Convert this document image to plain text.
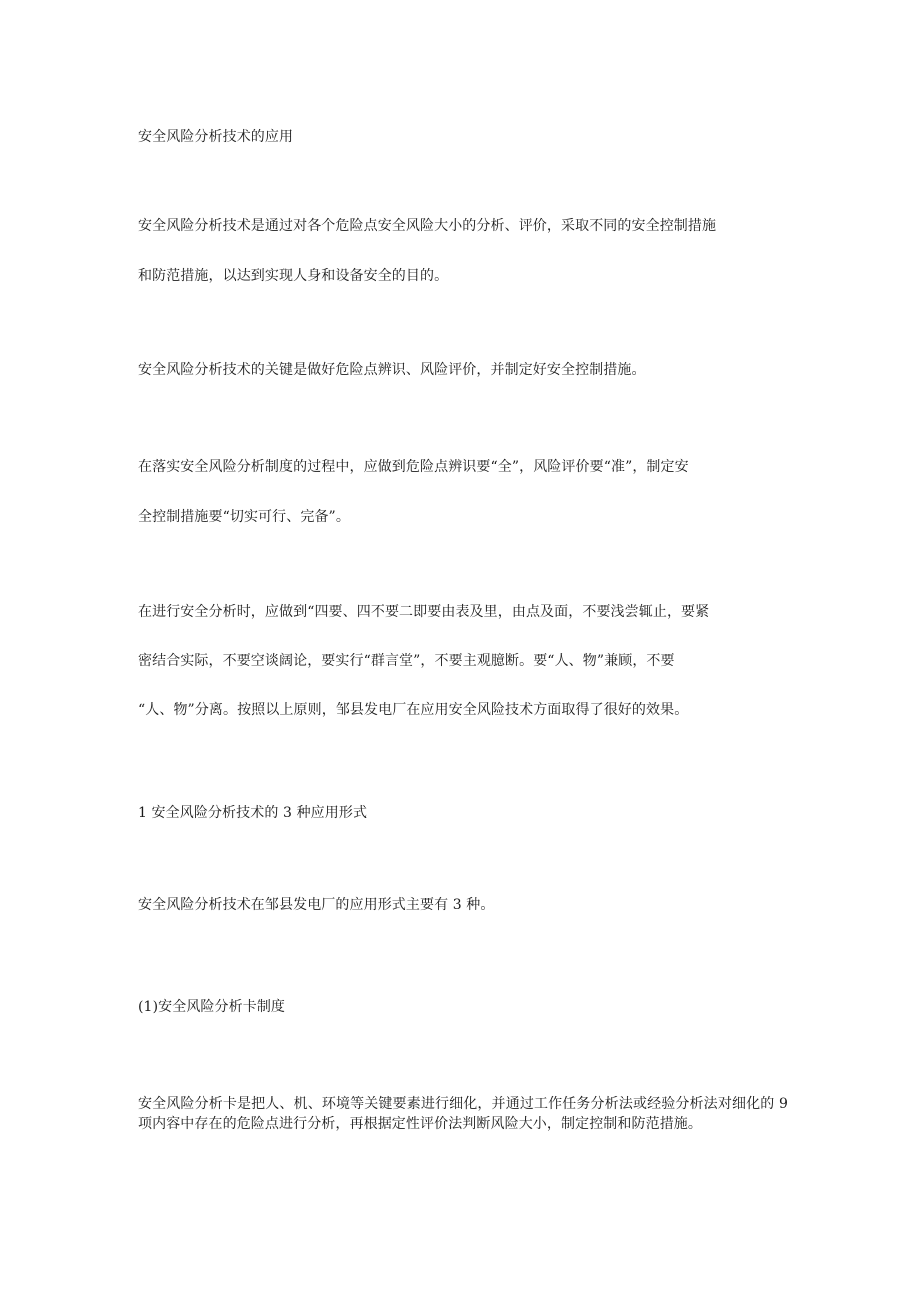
安全风险分析技术的应用

安全风险分析技术是通过对各个危险点安全风险大小的分析、评价，采取不同的安全控制措施

和防范措施，以达到实现人身和设备安全的目的。

安全风险分析技术的关键是做好危险点辨识、风险评价，并制定好安全控制措施。

在落实安全风险分析制度的过程中，应做到危险点辨识要“全”，风险评价要“准”，制定安

全控制措施要“切实可行、完备”。

在进行安全分析时，应做到“四要、四不要二即要由表及里，由点及面，不要浅尝辄止，要紧

密结合实际，不要空谈阔论，要实行“群言堂”，不要主观臆断。要“人、物”兼顾，不要

“人、物”分离。按照以上原则，邹县发电厂在应用安全风险技术方面取得了很好的效果。

1 安全风险分析技术的 3 种应用形式

安全风险分析技术在邹县发电厂的应用形式主要有 3 种。

(1)安全风险分析卡制度

安全风险分析卡是把人、机、环境等关键要素进行细化，并通过工作任务分析法或经验分析法对细化的 9 项内容中存在的危险点进行分析，再根据定性评价法判断风险大小，制定控制和防范措施。
